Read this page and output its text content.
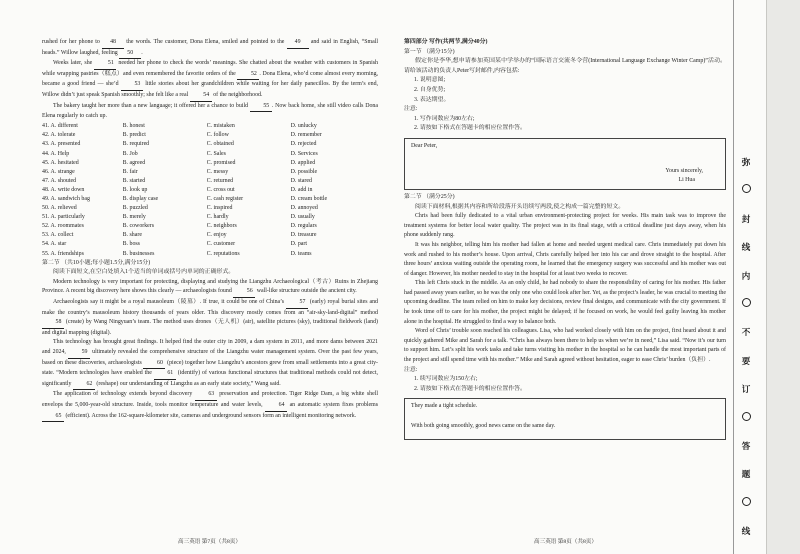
rushed for her phone to 48 the words. The customer, Dona Elena, smiled and pointed to the 49 and said in English, “Small heads.” Willow laughed, feeling 50 .

Weeks later, she 51 needed her phone to check the words’ meanings. She chatted about the weather with customers in Spanish while wrapping pastries（糕点）and even remembered the favorite orders of the 52 . Dona Elena, who’d come almost every morning, became a good friend — she’d 53 little stories about her grandchildren while waiting for her daily panecillos. By the term’s end, Willow didn’t just speak Spanish smoothly; she felt like a real 54 of the neighborhood.

The bakery taught her more than a new language; it offered her a chance to build 55 . Now back home, she still video calls Dona Elena regularly to catch up.

41. A. different	B. honest	C. mistaken	D. unlucky
42. A. tolerate	B. predict	C. follow	D. remember
43. A. presented	B. required	C. obtained	D. rejected
44. A. Help	B. Job	C. Sales	D. Services
45. A. hesitated	B. agreed	C. promised	D. applied
46. A. strange	B. fair	C. messy	D. possible
47. A. shouted	B. started	C. returned	D. stared
48. A. write down	B. look up	C. cross out	D. add in
49. A. sandwich bag	B. display case	C. cash register	D. cream bottle
50. A. relieved	B. puzzled	C. inspired	D. annoyed
51. A. particularly	B. merely	C. hardly	D. usually
52. A. roommates	B. coworkers	C. neighbors	D. regulars
53. A. collect	B. share	C. enjoy	D. treasure
54. A. star	B. boss	C. customer	D. part
55. A. friendships	B. businesses	C. reputations	D. teams

第二节 （共10小题;每小题1.5分,满分15分)

阅读下面短文,在空白处填入1个适当的单词或括号内单词的正确形式。

Modern technology is very important for protecting, displaying and studying the Liangzhu Archaeological（考古）Ruins in Zhejiang Province. A recent big discovery here shows this clearly — archaeologists found 56 wall-like structure outside the ancient city.

Archaeologists say it might be a royal mausoleum（陵墓）. If true, it could be one of China’s 57 (early) royal burial sites and make the country’s mausoleum history thousands of years older. This discovery mostly comes from an “air-sky-land-digital” method 58 (create) by Wang Ningyuan’s team. The method uses drones（无人机）(air), satellite pictures (sky), traditional fieldwork (land) and digital mapping (digital).

This technology has brought great findings. It helped find the outer city in 2009, a dam system in 2011, and more dams between 2021 and 2024, 59 ultimately revealed the comprehensive structure of the Liangzhu water management system. Over the past few years, based on these discoveries, archaeologists 60 (piece) together how Liangzhu’s ancestors grew from small settlements into a great city-state. “Modern technologies have enabled the 61 (identify) of various functional structures that traditional methods could not detect, significantly 62 (reshape) our understanding of Liangzhu as an early state society,” Wang said.

The application of technology extends beyond discovery 63 preservation and protection. Tiger Ridge Dam, a big white shell envelops the 5,000-year-old structure. Inside, tools monitor temperature and water levels, 64 an automatic system fixes problems 65 (efficient). Across the 162-square-kilometer site, cameras and underground sensors form an intelligent monitoring network.

第四部分 写作(共两节,满分40分)

第一节 （满分15分)

假定你是李华,想申请参加英国某中学举办的“国际语言交流冬令营(International Language Exchange Winter Camp)”活动。请给该活动的负责人Peter写封邮件,内容包括:

1. 说明意图;

2. 自身优势;

3. 表达期望。

注意:

1. 写作词数应为80左右;

2. 请按如下格式在答题卡的相应位置作答。

Dear Peter,

Yours sincerely,

Li Hua

第二节 （满分25分)

阅读下面材料,根据其内容和所给段落开头语续写两段,使之构成一篇完整的短文。

Chris had been fully dedicated to a vital urban environment-protecting project for weeks. His main task was to improve the treatment systems for better local water quality. The project was in its final stage, with a critical deadline just days away, when his phone suddenly rang.

It was his neighbor, telling him his mother had fallen at home and needed urgent medical care. Chris immediately put down his work and rushed to his mother’s house. Upon arrival, Chris carefully helped her into his car and drove straight to the hospital. After three hours’ anxious waiting outside the operating room, he learned that the emergency surgery was successful and his mother was out of danger. However, his mother needed to stay in the hospital for at least two weeks to recover.

This left Chris stuck in the middle. As an only child, he had nobody to share the responsibility of caring for his mother. His father had passed away years earlier, so he was the only one who could look after her. Yet, as the project’s leader, he was crucial to meeting the upcoming deadline. The team relied on him to make key decisions, review final designs, and communicate with the city government. If he took time off to care for his mother, the project might be delayed; if he focused on work, he would feel guilty leaving his mother alone in the hospital. He struggled to find a way to balance both.

Word of Chris’ trouble soon reached his colleagues. Lisa, who had worked closely with him on the project, first heard about it and quickly gathered Mike and Sarah for a talk. “Chris has always been there to help us when we’re in need,” Lisa said. “Now it’s our turn to support him. Let’s split his work tasks and take turns visiting his mother in the hospital so he can handle the most important parts of the project and still spend time with his mother.” Mike and Sarah agreed without hesitation, eager to ease Chris’ burden（负担）.

注意:

1. 续写词数应为150左右;

2. 请按如下格式在答题卡的相应位置作答。

They made a tight schedule.

With both going smoothly, good news came on the same day.

高三英语 第7页（共8页）	高三英语 第8页（共8页）
弥
封
线
内
不
要
订
答
题
线
